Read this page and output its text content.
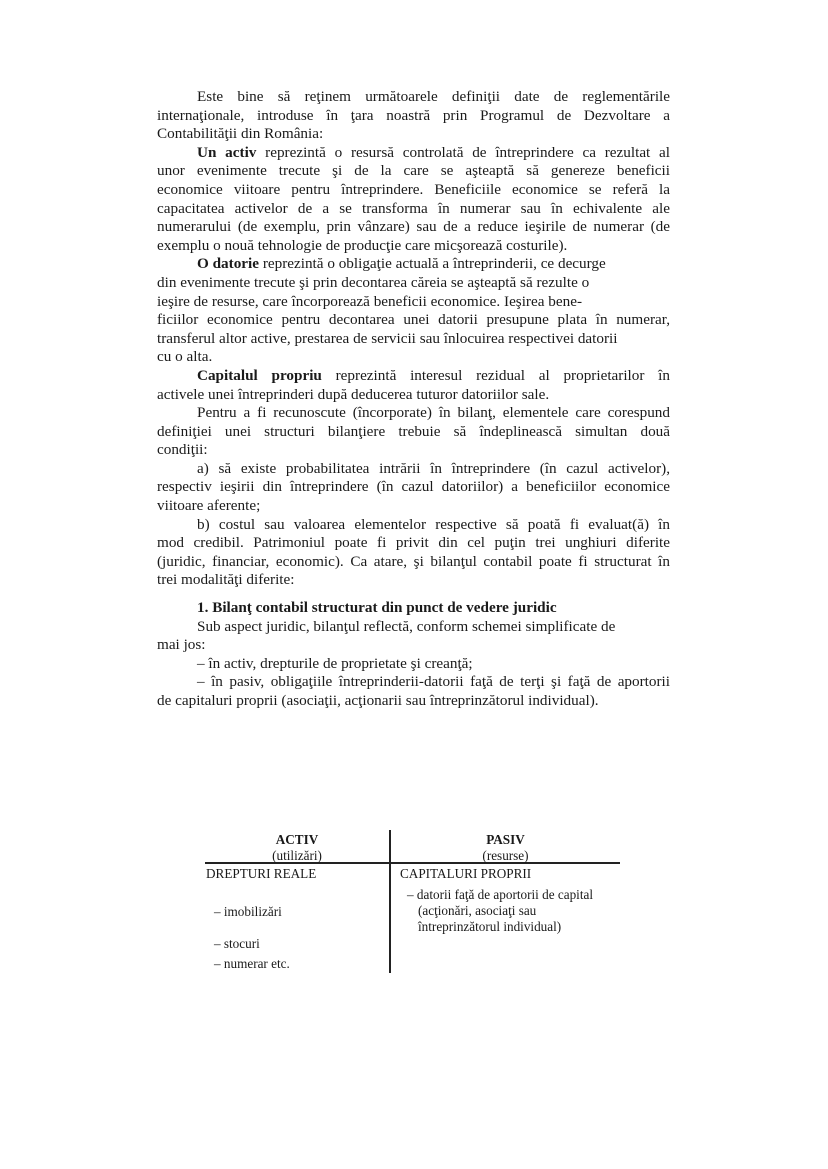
Este bine să reţinem următoarele definiţii date de reglementările
internaţionale, introduse în ţara noastră prin Programul de Dezvoltare a
Contabilităţii din România:
Un activ reprezintă o resursă controlată de întreprindere ca rezultat al
unor evenimente trecute şi de la care se aşteaptă să genereze beneficii
economice viitoare pentru întreprindere. Beneficiile economice se referă la
capacitatea activelor de a se transforma în numerar sau în echivalente ale
numerarului (de exemplu, prin vânzare) sau de a reduce ieşirile de numerar (de
exemplu o nouă tehnologie de producţie care micşorează costurile).
O datorie reprezintă o obligaţie actuală a întreprinderii, ce decurge
din evenimente trecute şi prin decontarea căreia se aşteaptă să rezulte o
ieşire de resurse, care încorporează beneficii economice. Ieşirea bene-
ficiilor economice pentru decontarea unei datorii presupune plata în numerar,
transferul altor active, prestarea de servicii sau înlocuirea respectivei datorii
cu o alta.
Capitalul propriu reprezintă interesul rezidual al proprietarilor în
activele unei întreprinderi după deducerea tuturor datoriilor sale.
Pentru a fi recunoscute (încorporate) în bilanţ, elementele care corespund
definiţiei unei structuri bilanţiere trebuie să îndeplinească simultan două
condiţii:
a) să existe probabilitatea intrării în întreprindere (în cazul activelor),
respectiv ieşirii din întreprindere (în cazul datoriilor) a beneficiilor economice
viitoare aferente;
b) costul sau valoarea elementelor respective să poată fi evaluat(ă) în
mod credibil. Patrimoniul poate fi privit din cel puţin trei unghiuri diferite
(juridic, financiar, economic). Ca atare, şi bilanţul contabil poate fi structurat în
trei modalităţi diferite:
1. Bilanţ contabil structurat din punct de vedere juridic
Sub aspect juridic, bilanţul reflectă, conform schemei simplificate de
mai jos:
– în activ, drepturile de proprietate şi creanţă;
– în pasiv, obligaţiile întreprinderii-datorii faţă de terţi şi faţă de aportorii
de capitaluri proprii (asociaţii, acţionarii sau întreprinzătorul individual).
ACTIV
(utilizări)
PASIV
(resurse)
DREPTURI REALE
– imobilizări
– stocuri
– numerar etc.
CAPITALURI PROPRII
– datorii faţă de aportorii de capital
(acţionări, asociaţi sau
întreprinzătorul individual)
